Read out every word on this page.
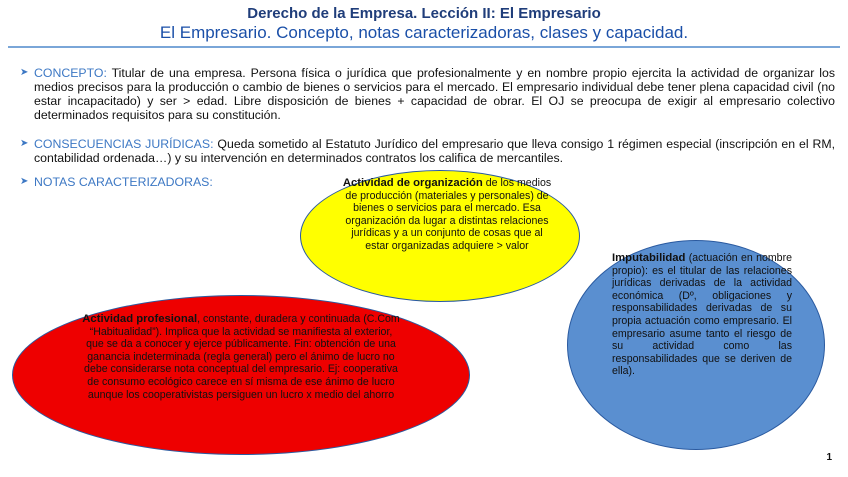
Derecho de la Empresa. Lección II: El Empresario
El Empresario. Concepto, notas caracterizadoras, clases y capacidad.
➤ CONCEPTO: Titular de una empresa. Persona física o jurídica que profesionalmente y en nombre propio ejercita la actividad de organizar los medios precisos para la producción o cambio de bienes o servicios para el mercado. El empresario individual debe tener plena capacidad civil (no estar incapacitado) y ser > edad. Libre disposición de bienes + capacidad de obrar. El OJ se preocupa de exigir al empresario colectivo determinados requisitos para su constitución.
➤ CONSECUENCIAS JURÍDICAS: Queda sometido al Estatuto Jurídico del empresario que lleva consigo 1 régimen especial (inscripción en el RM, contabilidad ordenada…) y su intervención en determinados contratos los califica de mercantiles.
➤ NOTAS CARACTERIZADORAS:	Actividad de organización de los medios de producción (materiales y personales) de bienes o servicios para el mercado. Esa organización da lugar a distintas relaciones jurídicas y a un conjunto de cosas que al estar organizadas adquiere > valor
Imputabilidad (actuación en nombre propio): es el titular de las relaciones jurídicas derivadas de la actividad económica (Dº, obligaciones y responsabilidades derivadas de su propia actuación como empresario. El empresario asume tanto el riesgo de su actividad como las responsabilidades que se deriven de ella).
Actividad profesional, constante, duradera y continuada (C.Com “Habitualidad”). Implica que la actividad se manifiesta al exterior, que se da a conocer y ejerce públicamente. Fin: obtención de una ganancia indeterminada (regla general) pero el ánimo de lucro no debe considerarse nota conceptual del empresario. Ej: cooperativa de consumo ecológico carece en sí misma de ese ánimo de lucro aunque los cooperativistas persiguen un lucro x medio del ahorro
1
